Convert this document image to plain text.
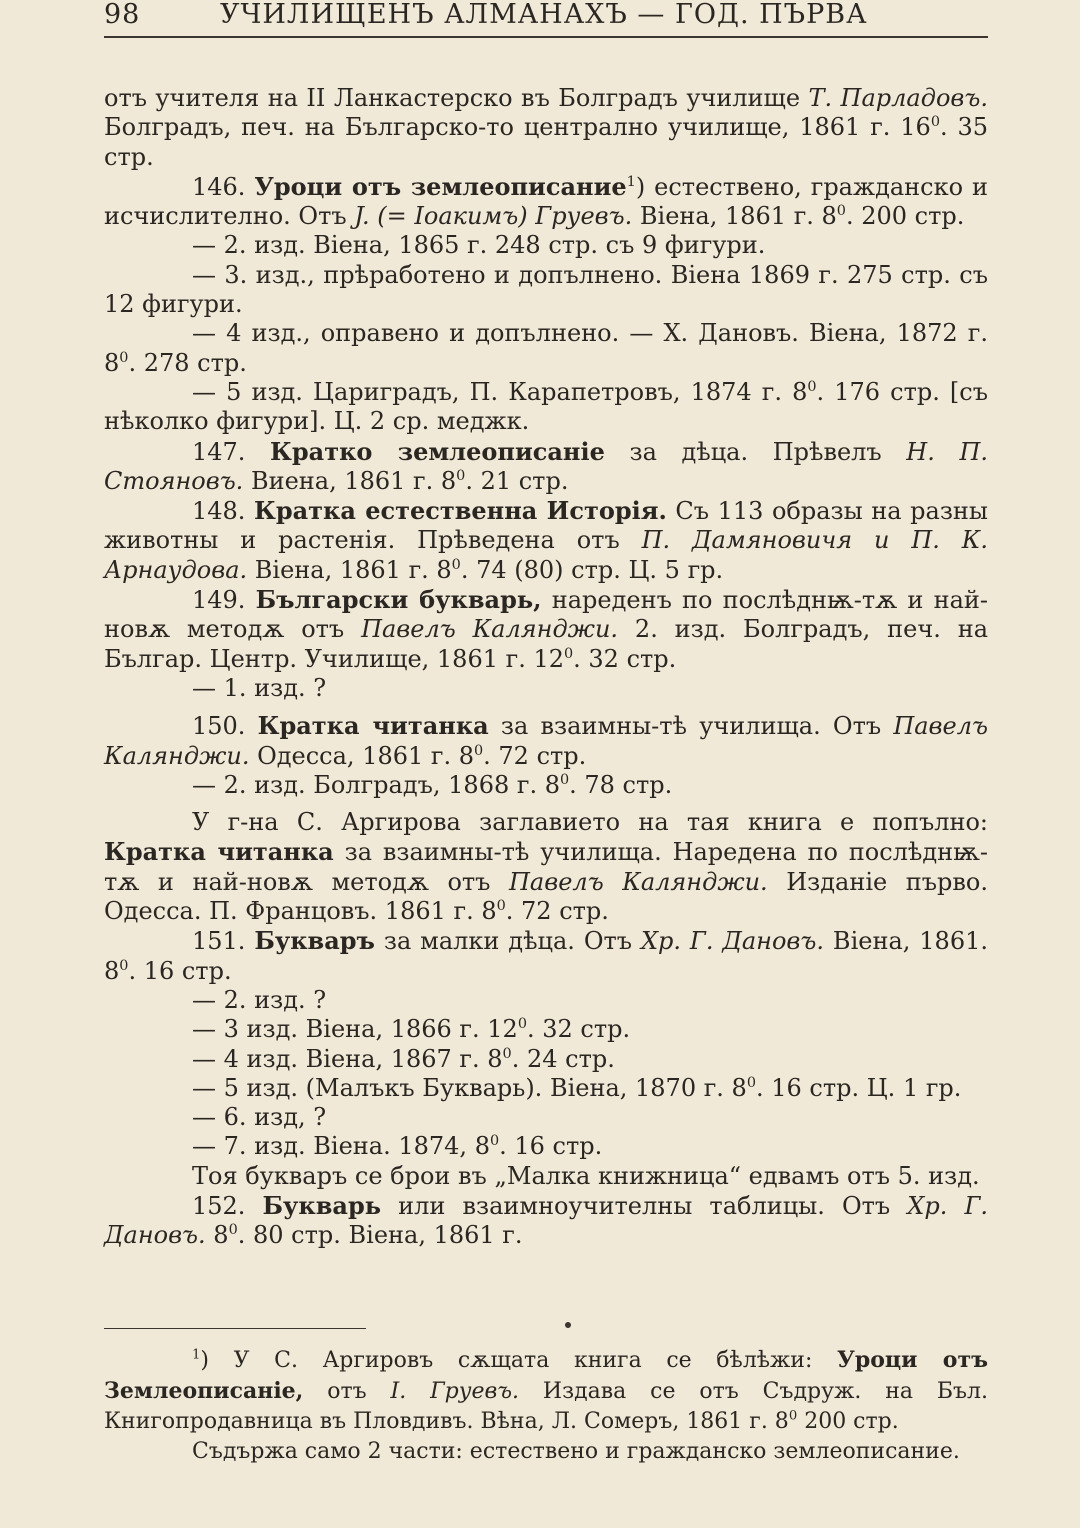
98	УЧИЛИЩЕНЪ АЛМАНАХЪ — ГОД. ПЪРВА

отъ учителя на II Ланкастерско въ Болградъ училище Т. Парладовъ. Болградъ, печ. на Българско-то централно училище, 1861 г. $16^0$. 35 стр.

146. Уроци отъ землеописание$^1$) естествено, гражданско и исчислително. Отъ J. (= Іоакимъ) Груевъ. Віена, 1861 г. $8^0$. 200 стр.

— 2. изд. Віена, 1865 г. 248 стр. съ 9 фигури.

— 3. изд., прѣработено и допълнено. Віена 1869 г. 275 стр. съ 12 фигури.

— 4 изд., оправено и допълнено. — Х. Дановъ. Віена, 1872 г. $8^0$. 278 стр.

— 5 изд. Цариградъ, П. Карапетровъ, 1874 г. $8^0$. 176 стр. [съ нѣколко фигури]. Ц. 2 ср. меджк.

147. Кратко землеописаніе за дѣца. Прѣвелъ Н. П. Стояновъ. Виена, 1861 г. $8^0$. 21 стр.

148. Кратка естественна Исторія. Съ 113 образы на разны животны и растенія. Прѣведена отъ П. Дамяновичя и П. К. Арнаудова. Віена, 1861 г. $8^0$. 74 (80) стр. Ц. 5 гр.

149. Български букварь, нареденъ по послѣднѭ-тѫ и най-новѫ методѫ отъ Павелъ Калянджи. 2. изд. Болградъ, печ. на Българ. Центр. Училище, 1861 г. $12^0$. 32 стр.

— 1. изд. ?

150. Кратка читанка за взаимны-тѣ училища. Отъ Павелъ Калянджи. Одесса, 1861 г. $8^0$. 72 стр.

— 2. изд. Болградъ, 1868 г. $8^0$. 78 стр.

У г-на С. Аргирова заглавието на тая книга е попълно: Кратка читанка за взаимны-тѣ училища. Наредена по послѣднѭ-тѫ и най-новѫ методѫ отъ Павелъ Калянджи. Изданіе първо. Одесса. П. Францовъ. 1861 г. $8^0$. 72 стр.

151. Букваръ за малки дѣца. Отъ Хр. Г. Дановъ. Віена, 1861. $8^0$. 16 стр.

— 2. изд. ?

— 3 изд. Віена, 1866 г. $12^0$. 32 стр.

— 4 изд. Віена, 1867 г. $8^0$. 24 стр.

— 5 изд. (Малъкъ Букварь). Віена, 1870 г. $8^0$. 16 стр. Ц. 1 гр.

— 6. изд, ?

— 7. изд. Віена. 1874, $8^0$. 16 стр.

Тоя букваръ се брои въ „Малка книжница“ едвамъ отъ 5. изд.

152. Букварь или взаимноучителны таблицы. Отъ Хр. Г. Дановъ. $8^0$. 80 стр. Віена, 1861 г.

$^1$) У С. Аргировъ сѫщата книга се бѣлѣжи: Уроци отъ Землеописаніе, отъ І. Груевъ. Издава се отъ Съдруж. на Бъл. Книгопродавница въ Пловдивъ. Вѣна, Л. Сомеръ, 1861 г. $8^0$ 200 стр.

Съдържа само 2 части: естествено и гражданско землеописание.
